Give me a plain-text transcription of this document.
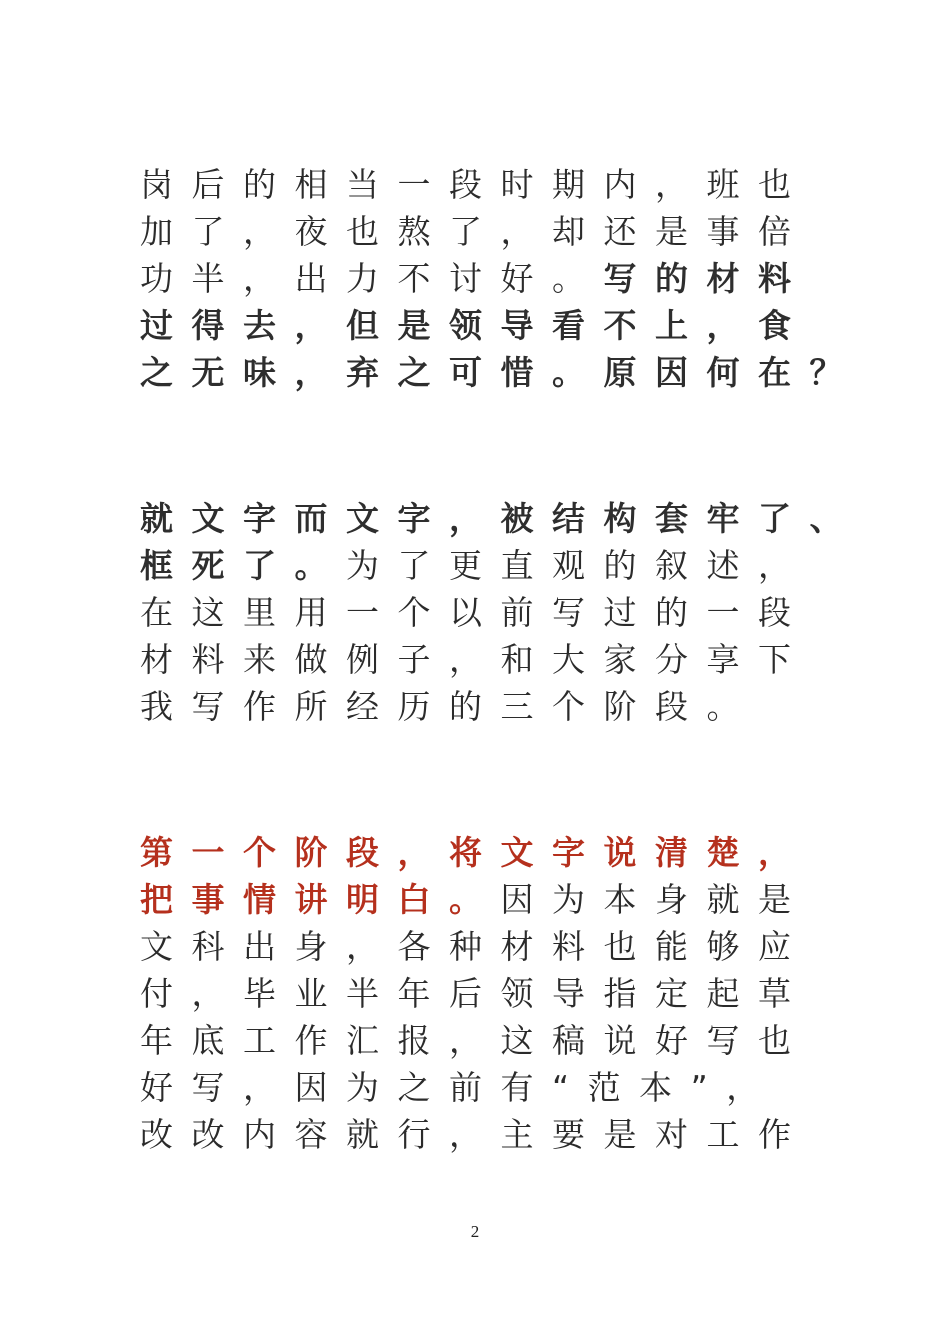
岗后的相当一段时期内，班也
加了，夜也熬了，却还是事倍
功半，出力不讨好。写的材料
过得去，但是领导看不上，食
之无味，弃之可惜。原因何在？
就文字而文字，被结构套牢了、
框死了。为了更直观的叙述，
在这里用一个以前写过的一段
材料来做例子，和大家分享下
我写作所经历的三个阶段。
第一个阶段，将文字说清楚，
把事情讲明白。因为本身就是
文科出身，各种材料也能够应
付，毕业半年后领导指定起草
年底工作汇报，这稿说好写也
好写，因为之前有“范本”，
改改内容就行，主要是对工作
2
